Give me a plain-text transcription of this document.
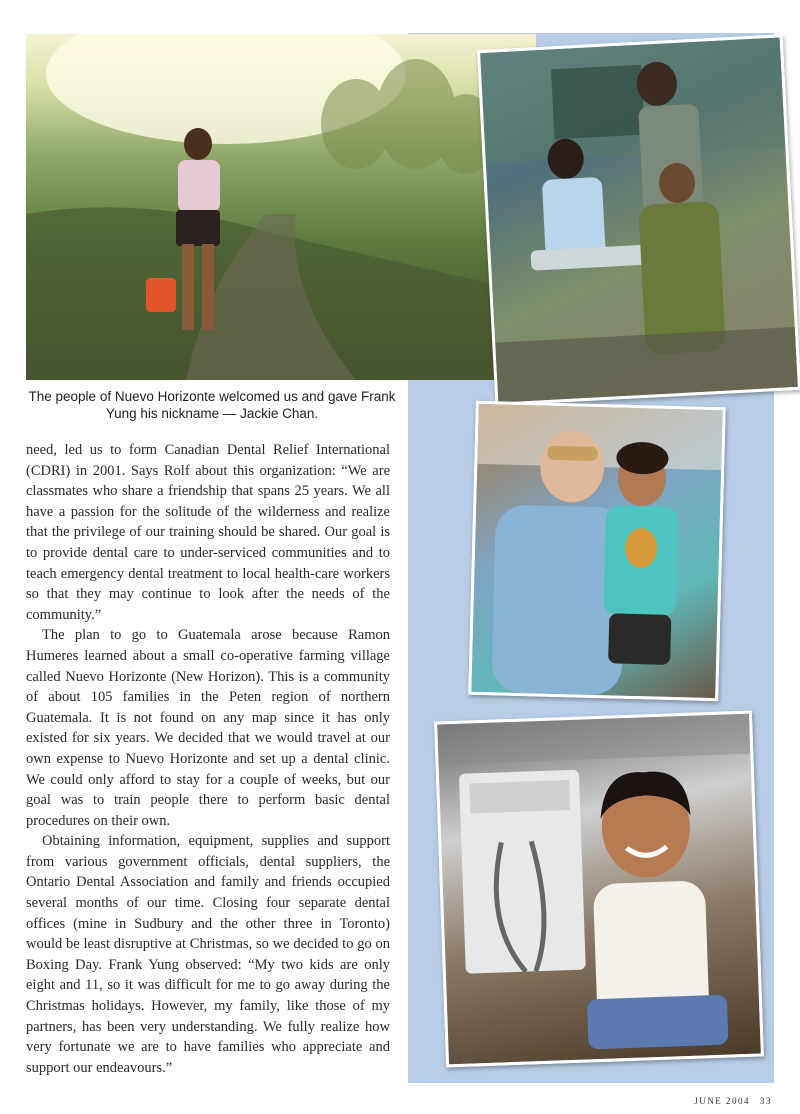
The people of Nuevo Horizonte welcomed us and gave Frank Yung his nickname — Jackie Chan.

need, led us to form Canadian Dental Relief International (CDRI) in 2001. Says Rolf about this organization: “We are classmates who share a friendship that spans 25 years. We all have a passion for the solitude of the wilderness and realize that the privilege of our training should be shared. Our goal is to provide dental care to under-serviced communities and to teach emergency dental treatment to local health-care workers so that they may continue to look after the needs of the community.”

The plan to go to Guatemala arose because Ramon Humeres learned about a small co-operative farming village called Nuevo Horizonte (New Horizon). This is a community of about 105 families in the Peten region of northern Guatemala. It is not found on any map since it has only existed for six years. We decided that we would travel at our own expense to Nuevo Horizonte and set up a dental clinic. We could only afford to stay for a couple of weeks, but our goal was to train people there to perform basic dental procedures on their own.

Obtaining information, equipment, supplies and support from various government officials, dental suppliers, the Ontario Dental Association and family and friends occupied several months of our time. Closing four separate dental offices (mine in Sudbury and the other three in Toronto) would be least disruptive at Christmas, so we decided to go on Boxing Day. Frank Yung observed: “My two kids are only eight and 11, so it was difficult for me to go away during the Christmas holidays. However, my family, like those of my partners, has been very understanding. We fully realize how very fortunate we are to have families who appreciate and support our endeavours.”

JUNE 2004 33
